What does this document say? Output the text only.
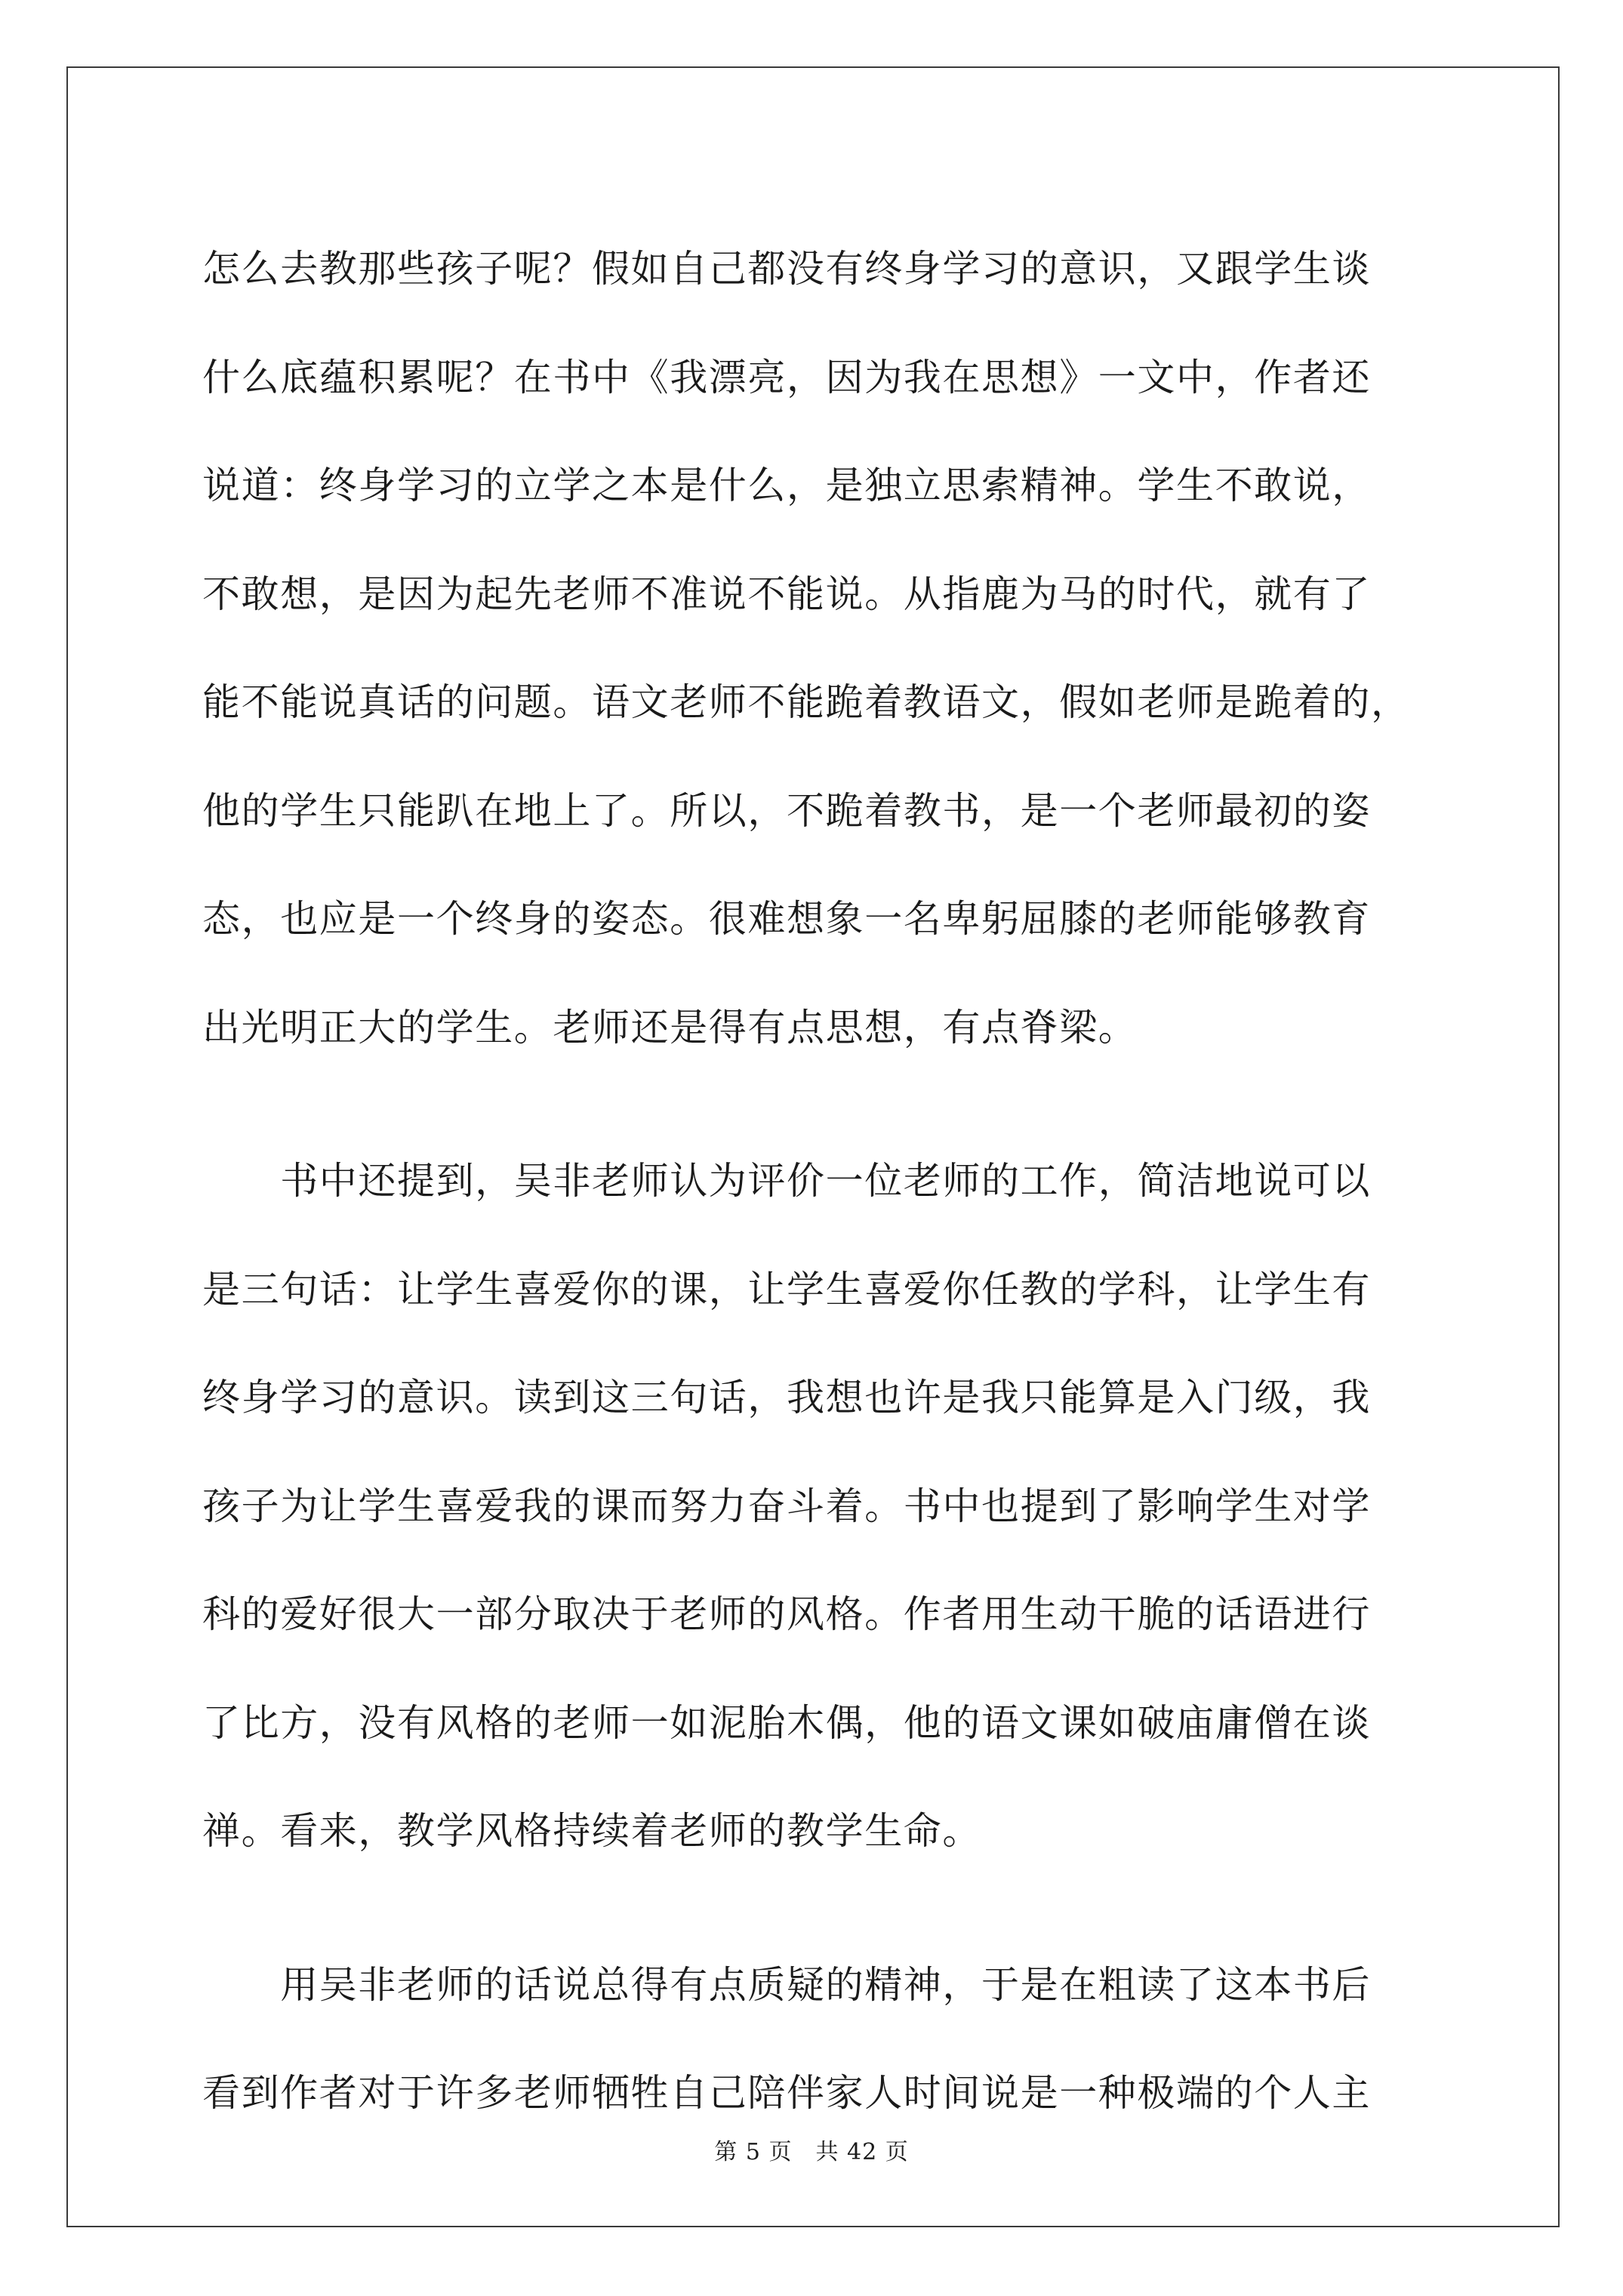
怎么去教那些孩子呢？假如自己都没有终身学习的意识，又跟学生谈
什么底蕴积累呢？在书中《我漂亮，因为我在思想》一文中，作者还
说道：终身学习的立学之本是什么，是独立思索精神。学生不敢说，
不敢想，是因为起先老师不准说不能说。从指鹿为马的时代，就有了
能不能说真话的问题。语文老师不能跪着教语文，假如老师是跪着的，
他的学生只能趴在地上了。所以，不跪着教书，是一个老师最初的姿
态，也应是一个终身的姿态。很难想象一名卑躬屈膝的老师能够教育
出光明正大的学生。老师还是得有点思想，有点脊梁。
　　书中还提到，吴非老师认为评价一位老师的工作，简洁地说可以
是三句话：让学生喜爱你的课，让学生喜爱你任教的学科，让学生有
终身学习的意识。读到这三句话，我想也许是我只能算是入门级，我
孩子为让学生喜爱我的课而努力奋斗着。书中也提到了影响学生对学
科的爱好很大一部分取决于老师的风格。作者用生动干脆的话语进行
了比方，没有风格的老师一如泥胎木偶，他的语文课如破庙庸僧在谈
禅。看来，教学风格持续着老师的教学生命。
　　用吴非老师的话说总得有点质疑的精神，于是在粗读了这本书后
看到作者对于许多老师牺牲自己陪伴家人时间说是一种极端的个人主
第 5 页　共 42 页
